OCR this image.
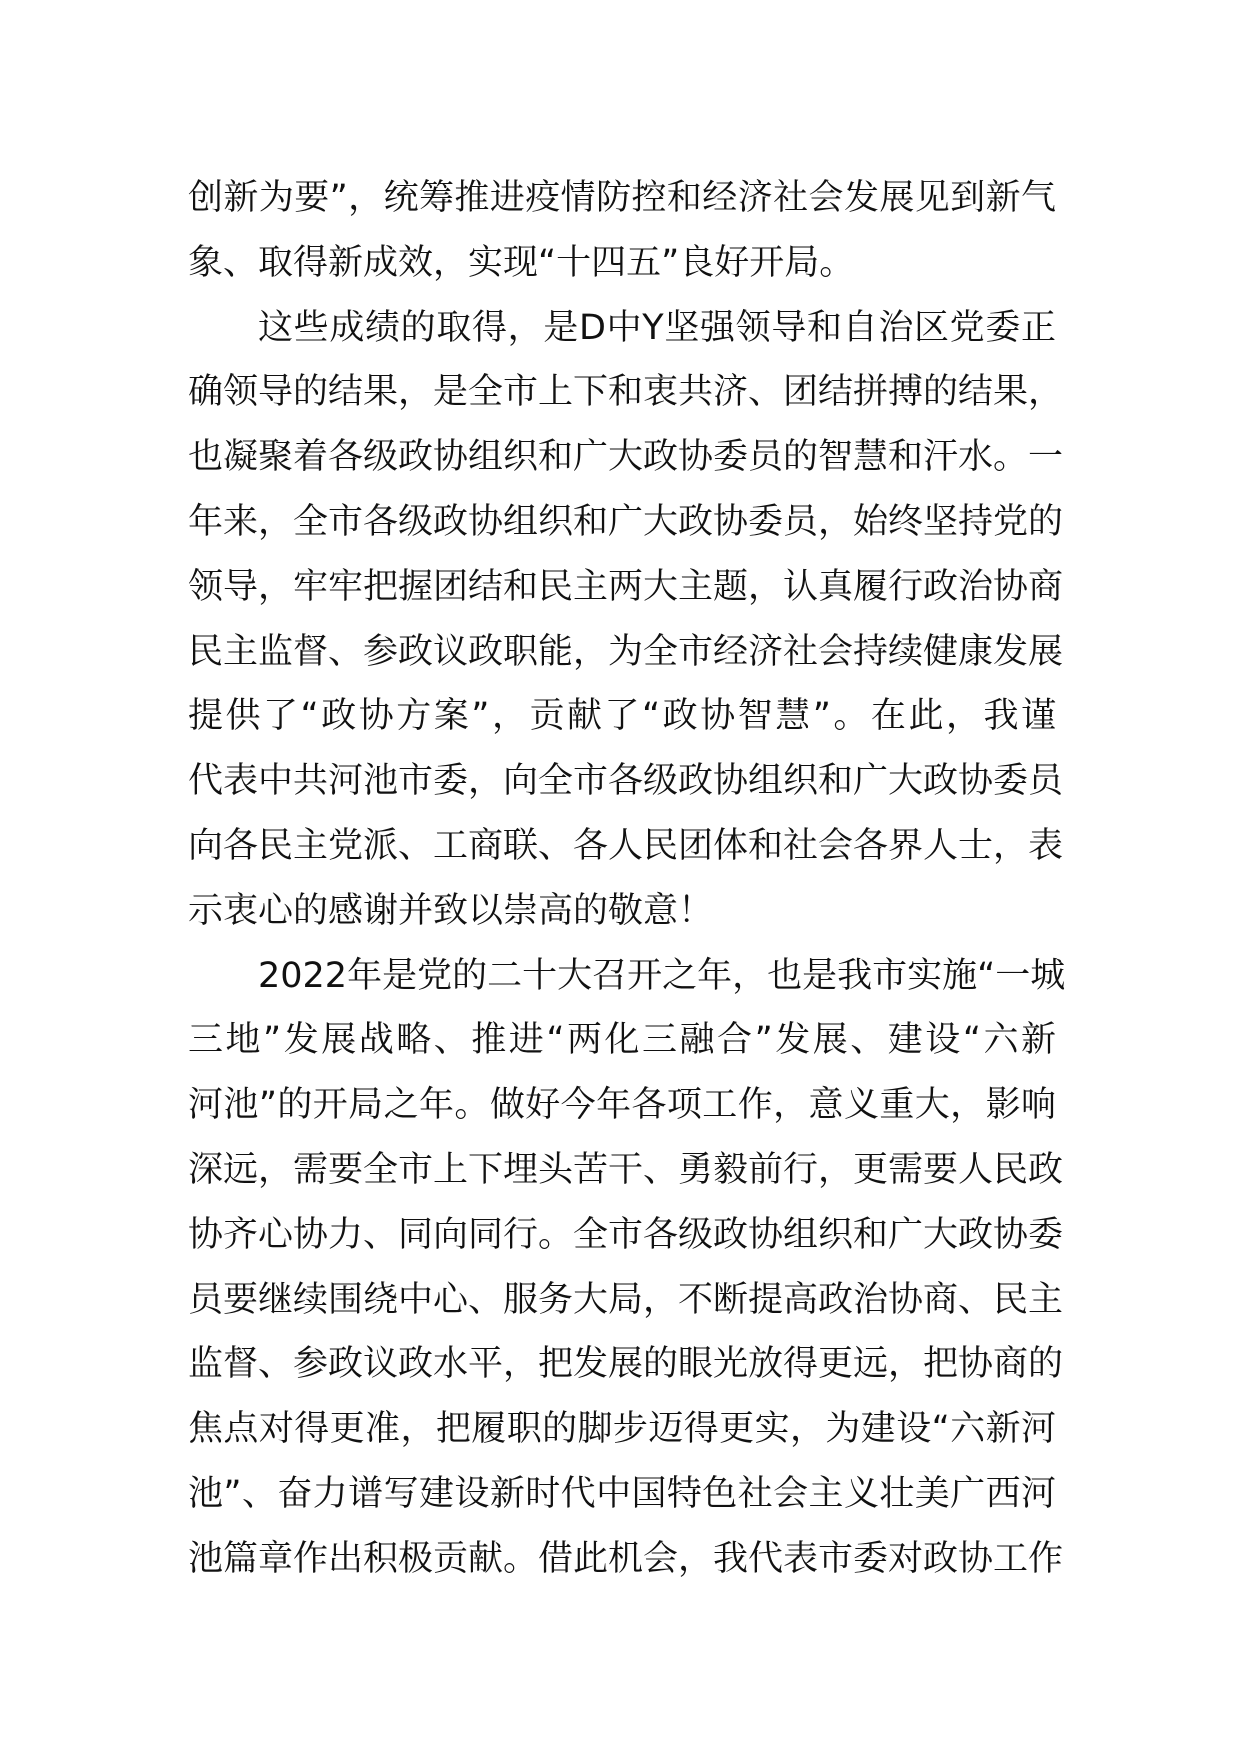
创新为要”，统筹推进疫情防控和经济社会发展见到新气
象、取得新成效，实现“十四五”良好开局。
这些成绩的取得，是D中Y坚强领导和自治区党委正
确领导的结果，是全市上下和衷共济、团结拼搏的结果，
也凝聚着各级政协组织和广大政协委员的智慧和汗水。一
年来，全市各级政协组织和广大政协委员，始终坚持党的
领导，牢牢把握团结和民主两大主题，认真履行政治协商
民主监督、参政议政职能，为全市经济社会持续健康发展
提供了“政协方案”，贡献了“政协智慧”。在此，我谨
代表中共河池市委，向全市各级政协组织和广大政协委员
向各民主党派、工商联、各人民团体和社会各界人士，表
示衷心的感谢并致以崇高的敬意！
2022年是党的二十大召开之年，也是我市实施“一城
三地”发展战略、推进“两化三融合”发展、建设“六新
河池”的开局之年。做好今年各项工作，意义重大，影响
深远，需要全市上下埋头苦干、勇毅前行，更需要人民政
协齐心协力、同向同行。全市各级政协组织和广大政协委
员要继续围绕中心、服务大局，不断提高政治协商、民主
监督、参政议政水平，把发展的眼光放得更远，把协商的
焦点对得更准，把履职的脚步迈得更实，为建设“六新河
池”、奋力谱写建设新时代中国特色社会主义壮美广西河
池篇章作出积极贡献。借此机会，我代表市委对政协工作
